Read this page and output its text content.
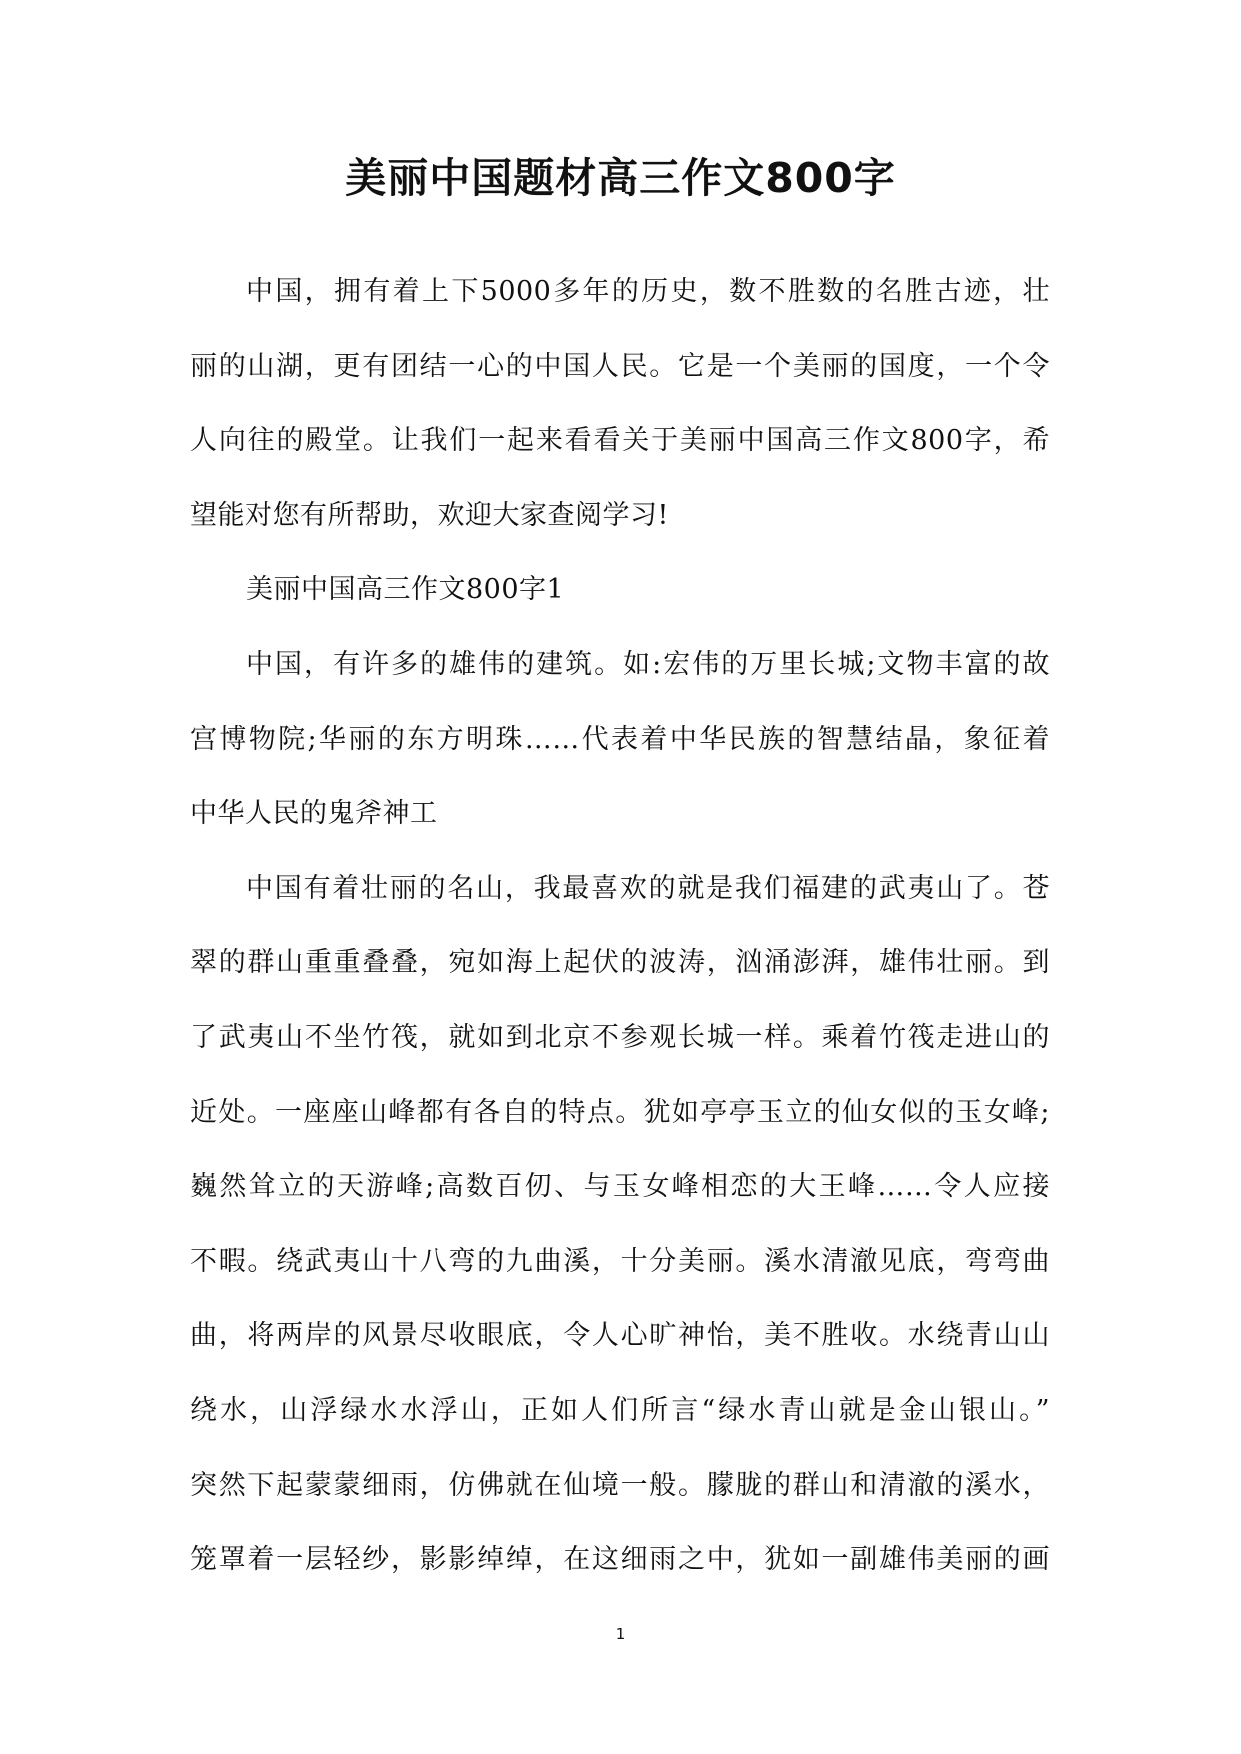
美丽中国题材高三作文800字

中国，拥有着上下5000多年的历史，数不胜数的名胜古迹，壮
丽的山湖，更有团结一心的中国人民。它是一个美丽的国度，一个令
人向往的殿堂。让我们一起来看看关于美丽中国高三作文800字，希
望能对您有所帮助，欢迎大家查阅学习!

美丽中国高三作文800字1

中国，有许多的雄伟的建筑。如:宏伟的万里长城;文物丰富的故
宫博物院;华丽的东方明珠……代表着中华民族的智慧结晶，象征着
中华人民的鬼斧神工

中国有着壮丽的名山，我最喜欢的就是我们福建的武夷山了。苍
翠的群山重重叠叠，宛如海上起伏的波涛，汹涌澎湃，雄伟壮丽。到
了武夷山不坐竹筏，就如到北京不参观长城一样。乘着竹筏走进山的
近处。一座座山峰都有各自的特点。犹如亭亭玉立的仙女似的玉女峰;
巍然耸立的天游峰;高数百仞、与玉女峰相恋的大王峰……令人应接
不暇。绕武夷山十八弯的九曲溪，十分美丽。溪水清澈见底，弯弯曲
曲，将两岸的风景尽收眼底，令人心旷神怡，美不胜收。水绕青山山
绕水，山浮绿水水浮山，正如人们所言“绿水青山就是金山银山。”
突然下起蒙蒙细雨，仿佛就在仙境一般。朦胧的群山和清澈的溪水，
笼罩着一层轻纱，影影绰绰，在这细雨之中，犹如一副雄伟美丽的画

1
